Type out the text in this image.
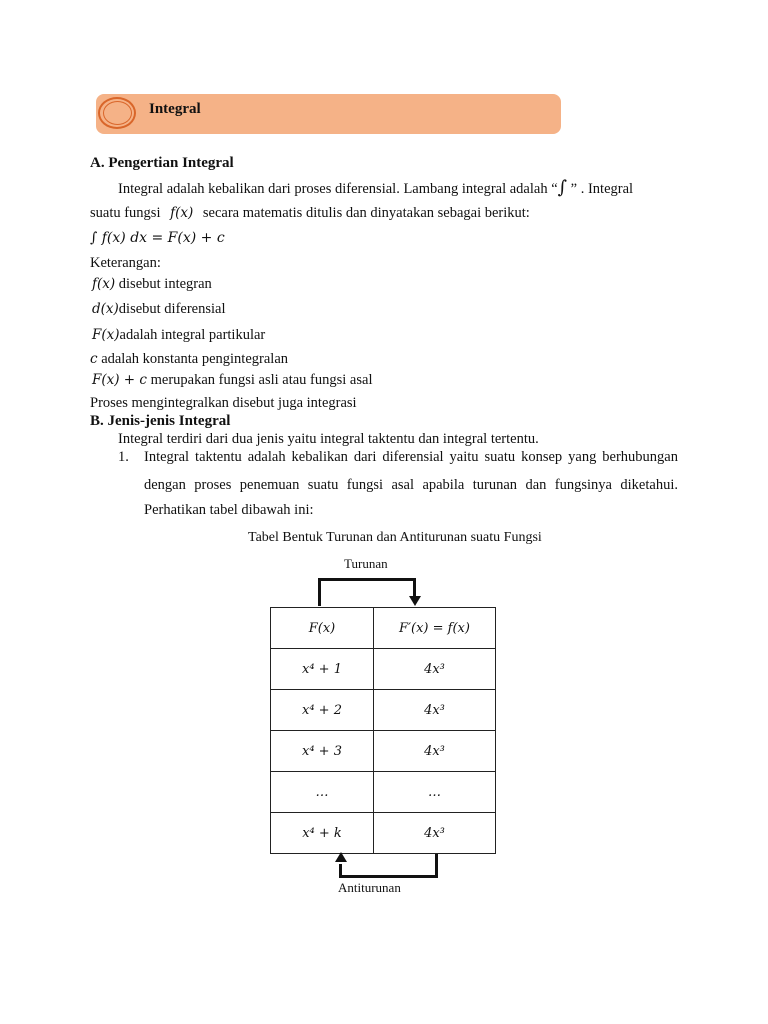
Integral
A. Pengertian Integral
Integral adalah kebalikan dari proses diferensial. Lambang integral adalah “∫ ” . Integral
suatu fungsi f(x) secara matematis ditulis dan dinyatakan sebagai berikut:
∫ f(x) dx = F(x) + c
Keterangan:
f(x) disebut integran
d(x)disebut diferensial
F(x)adalah integral partikular
c adalah konstanta pengintegralan
F(x) + c merupakan fungsi asli atau fungsi asal
Proses mengintegralkan disebut juga integrasi
B. Jenis-jenis Integral
Integral terdiri dari dua jenis yaitu integral taktentu dan integral tertentu.
1. Integral taktentu adalah kebalikan dari diferensial yaitu suatu konsep yang berhubungan
dengan proses penemuan suatu fungsi asal apabila turunan dan fungsinya diketahui.
Perhatikan tabel dibawah ini:
Tabel Bentuk Turunan dan Antiturunan suatu Fungsi
Turunan
F(x)	F′(x) = f(x)
x⁴ + 1	4x³
x⁴ + 2	4x³
x⁴ + 3	4x³
…	…
x⁴ + k	4x³
Antiturunan
